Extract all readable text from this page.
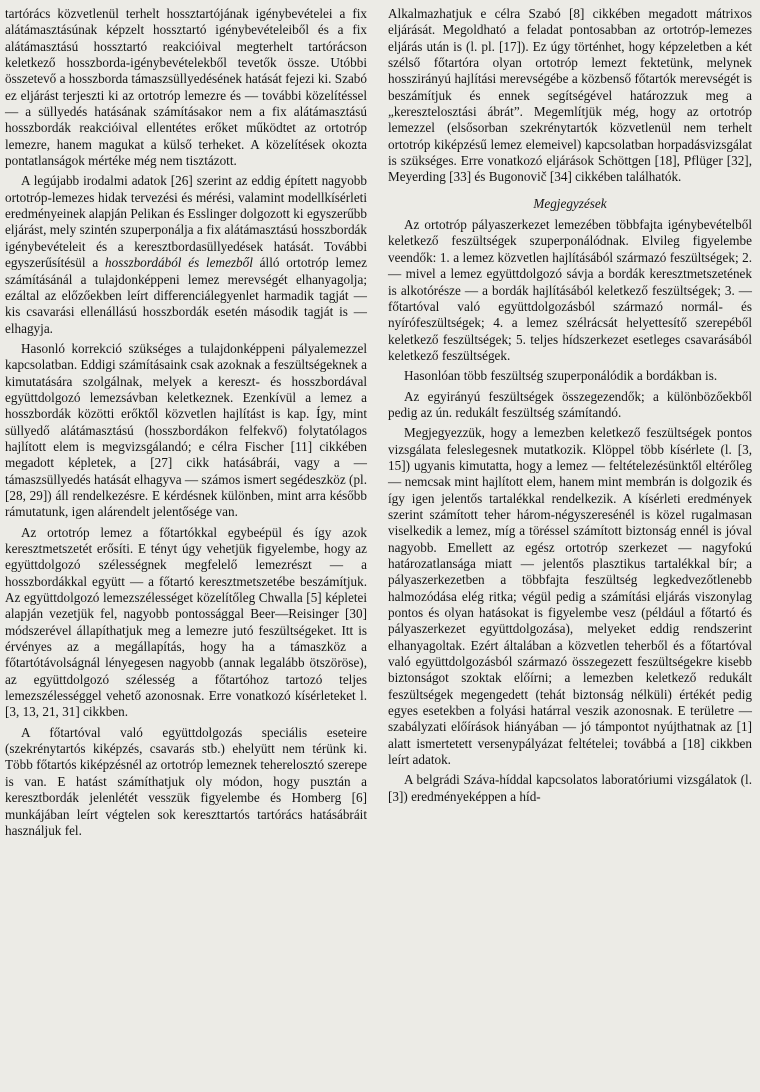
tartórács közvetlenül terhelt hossztartójának igénybevételei a fix alátámasztásúnak képzelt hossztartó igénybevételeiből és a fix alátámasztású hossztartó reakcióival megterhelt tartórácson keletkező hosszborda-igénybevételekből tevetők össze. Utóbbi összetevő a hosszborda támaszsüllyedésének hatását fejezi ki. Szabó ez eljárást terjeszti ki az ortotróp lemezre és — további közelítéssel — a süllyedés hatásának számításakor nem a fix alátámasztású hosszbordák reakcióival ellentétes erőket működtet az ortotróp lemezre, hanem magukat a külső terheket. A közelítések okozta pontatlanságok mértéke még nem tisztázott.

A legújabb irodalmi adatok [26] szerint az eddig épített nagyobb ortotróp-lemezes hidak tervezési és mérési, valamint modellkísérleti eredményeinek alapján Pelikan és Esslinger dolgozott ki egyszerűbb eljárást, mely szintén szuperponálja a fix alátámasztású hosszbordák igénybevételeit és a keresztbordasüllyedések hatását. További egyszerűsítésül a hosszbordából és lemezből álló ortotróp lemez számításánál a tulajdonképpeni lemez merevségét elhanyagolja; ezáltal az előzőekben leírt differenciálegyenlet harmadik tagját — kis csavarási ellenállású hosszbordák esetén második tagját is — elhagyja.

Hasonló korrekció szükséges a tulajdonképpeni pályalemezzel kapcsolatban. Eddigi számításaink csak azoknak a feszültségeknek a kimutatására szolgálnak, melyek a kereszt- és hosszbordával együttdolgozó lemezsávban keletkeznek. Ezenkívül a lemez a hosszbordák közötti erőktől közvetlen hajlítást is kap. Így, mint süllyedő alátámasztású (hosszbordákon felfekvő) folytatólagos hajlított elem is megvizsgálandó; e célra Fischer [11] cikkében megadott képletek, a [27] cikk hatásábrái, vagy a — támaszsüllyedés hatását elhagyva — számos ismert segédeszköz (pl. [28, 29]) áll rendelkezésre. E kérdésnek különben, mint arra később rámutatunk, igen alárendelt jelentősége van.

Az ortotróp lemez a főtartókkal egybeépül és így azok keresztmetszetét erősíti. E tényt úgy vehetjük figyelembe, hogy az együttdolgozó szélességnek megfelelő lemezrészt — a hosszbordákkal együtt — a főtartó keresztmetszetébe beszámítjuk. Az együttdolgozó lemezszélességet közelítőleg Chwalla [5] képletei alapján vezetjük fel, nagyobb pontossággal Beer—Reisinger [30] módszerével állapíthatjuk meg a lemezre jutó feszültségeket. Itt is érvényes az a megállapítás, hogy ha a támaszköz a főtartótávolságnál lényegesen nagyobb (annak legalább ötszöröse), az együttdolgozó szélesség a főtartóhoz tartozó teljes lemezszélességgel vehető azonosnak. Erre vonatkozó kísérleteket l. [3, 13, 21, 31] cikkben.

A főtartóval való együttdolgozás speciális eseteire (szekrénytartós kiképzés, csavarás stb.) ehelyütt nem térünk ki. Több főtartós kiképzésnél az ortotróp lemeznek teherelosztó szerepe is van. E hatást számíthatjuk oly módon, hogy pusztán a keresztbordák jelenlétét vesszük figyelembe és Homberg [6] munkájában leírt végtelen sok kereszttartós tartórács hatásábráit használjuk fel.

Alkalmazhatjuk e célra Szabó [8] cikkében megadott mátrixos eljárását. Megoldható a feladat pontosabban az ortotróp-lemezes eljárás után is (l. pl. [17]). Ez úgy történhet, hogy képzeletben a két szélső főtartóra olyan ortotróp lemezt fektetünk, melynek hosszirányú hajlítási merevségébe a közbenső főtartók merevségét is beszámítjuk és ennek segítségével határozzuk meg a „keresztelosztási ábrát”. Megemlítjük még, hogy az ortotróp lemezzel (elsősorban szekrénytartók közvetlenül nem terhelt ortotróp kiképzésű lemez elemeivel) kapcsolatban horpadásvizsgálat is szükséges. Erre vonatkozó eljárások Schöttgen [18], Pflüger [32], Meyerding [33] és Bugonovič [34] cikkében találhatók.

Megjegyzések

Az ortotróp pályaszerkezet lemezében többfajta igénybevételből keletkező feszültségek szuperponálódnak. Elvileg figyelembe veendők: 1. a lemez közvetlen hajlításából származó feszültségek; 2. — mivel a lemez együttdolgozó sávja a bordák keresztmetszetének is alkotórésze — a bordák hajlításából keletkező feszültségek; 3. — főtartóval való együttdolgozásból származó normál- és nyírófeszültségek; 4. a lemez szélrácsát helyettesítő szerepéből keletkező feszültségek; 5. teljes hídszerkezet esetleges csavarásából keletkező feszültségek.

Hasonlóan több feszültség szuperponálódik a bordákban is.

Az egyirányú feszültségek összegezendők; a különbözőekből pedig az ún. redukált feszültség számítandó.

Megjegyezzük, hogy a lemezben keletkező feszültségek pontos vizsgálata feleslegesnek mutatkozik. Klöppel több kísérlete (l. [3, 15]) ugyanis kimutatta, hogy a lemez — feltételezésünktől eltérőleg — nemcsak mint hajlított elem, hanem mint membrán is dolgozik és így igen jelentős tartalékkal rendelkezik. A kísérleti eredmények szerint számított teher három-négyszeresénél is közel rugalmasan viselkedik a lemez, míg a töréssel számított biztonság ennél is jóval nagyobb. Emellett az egész ortotróp szerkezet — nagyfokú határozatlansága miatt — jelentős plasztikus tartalékkal bír; a pályaszerkezetben a többfajta feszültség legkedvezőtlenebb halmozódása elég ritka; végül pedig a számítási eljárás viszonylag pontos és olyan hatásokat is figyelembe vesz (például a főtartó és pályaszerkezet együttdolgozása), melyeket eddig rendszerint elhanyagoltak. Ezért általában a közvetlen teherből és a főtartóval való együttdolgozásból származó összegezett feszültségekre kisebb biztonságot szoktak előírni; a lemezben keletkező redukált feszültségek megengedett (tehát biztonság nélküli) értékét pedig egyes esetekben a folyási határral veszik azonosnak. E területre — szabályzati előírások hiányában — jó támpontot nyújthatnak az [1] alatt ismertetett versenypályázat feltételei; továbbá a [18] cikkben leírt adatok.

A belgrádi Száva-híddal kapcsolatos laboratóriumi vizsgálatok (l. [3]) eredményeképpen a híd-
